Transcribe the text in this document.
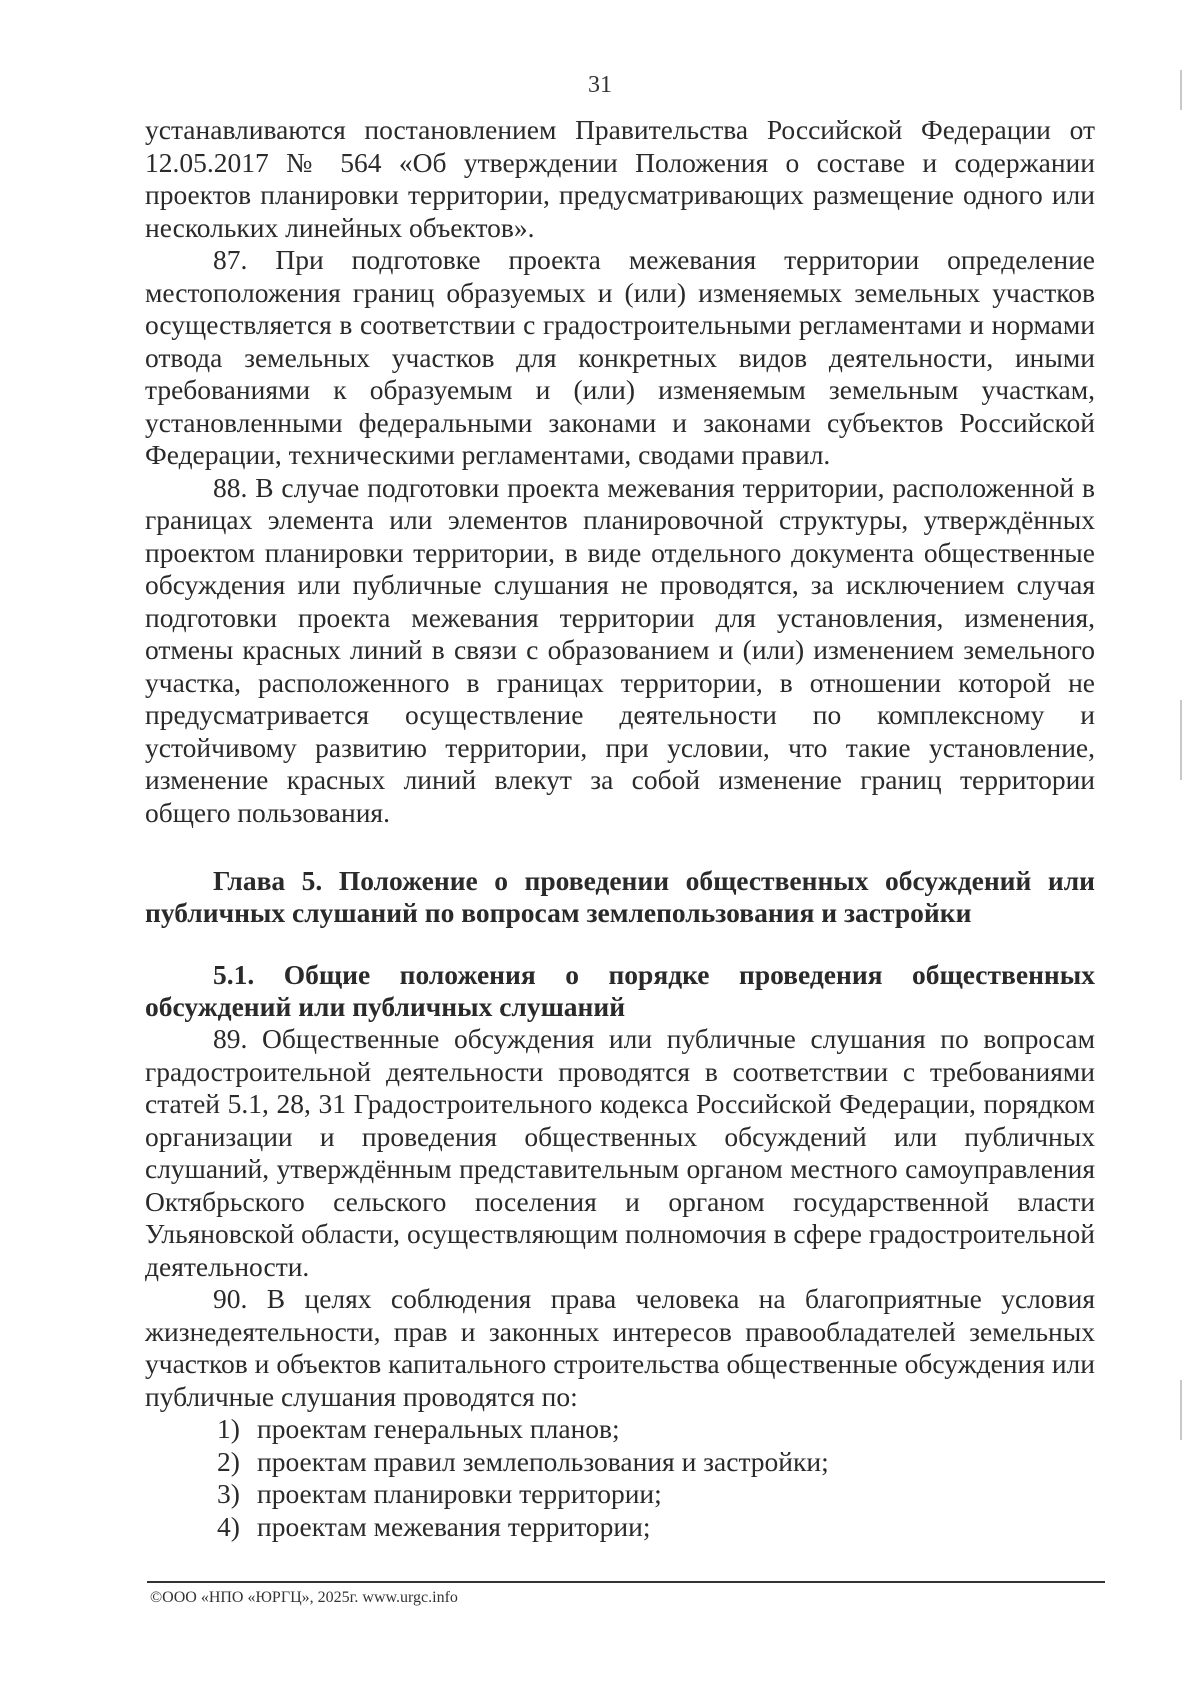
31

устанавливаются постановлением Правительства Российской Федерации от 12.05.2017 № 564 «Об утверждении Положения о составе и содержании проектов планировки территории, предусматривающих размещение одного или нескольких линейных объектов».

87. При подготовке проекта межевания территории определение местоположения границ образуемых и (или) изменяемых земельных участков осуществляется в соответствии с градостроительными регламентами и нормами отвода земельных участков для конкретных видов деятельности, иными требованиями к образуемым и (или) изменяемым земельным участкам, установленными федеральными законами и законами субъектов Российской Федерации, техническими регламентами, сводами правил.

88. В случае подготовки проекта межевания территории, расположенной в границах элемента или элементов планировочной структуры, утверждённых проектом планировки территории, в виде отдельного документа общественные обсуждения или публичные слушания не проводятся, за исключением случая подготовки проекта межевания территории для установления, изменения, отмены красных линий в связи с образованием и (или) изменением земельного участка, расположенного в границах территории, в отношении которой не предусматривается осуществление деятельности по комплексному и устойчивому развитию территории, при условии, что такие установление, изменение красных линий влекут за собой изменение границ территории общего пользования.

Глава 5. Положение о проведении общественных обсуждений или публичных слушаний по вопросам землепользования и застройки

5.1. Общие положения о порядке проведения общественных обсуждений или публичных слушаний

89. Общественные обсуждения или публичные слушания по вопросам градостроительной деятельности проводятся в соответствии с требованиями статей 5.1, 28, 31 Градостроительного кодекса Российской Федерации, порядком организации и проведения общественных обсуждений или публичных слушаний, утверждённым представительным органом местного самоуправления Октябрьского сельского поселения и органом государственной власти Ульяновской области, осуществляющим полномочия в сфере градостроительной деятельности.

90. В целях соблюдения права человека на благоприятные условия жизнедеятельности, прав и законных интересов правообладателей земельных участков и объектов капитального строительства общественные обсуждения или публичные слушания проводятся по:

1) проектам генеральных планов;
2) проектам правил землепользования и застройки;
3) проектам планировки территории;
4) проектам межевания территории;
©ООО «НПО «ЮРГЦ», 2025г. www.urgc.info
